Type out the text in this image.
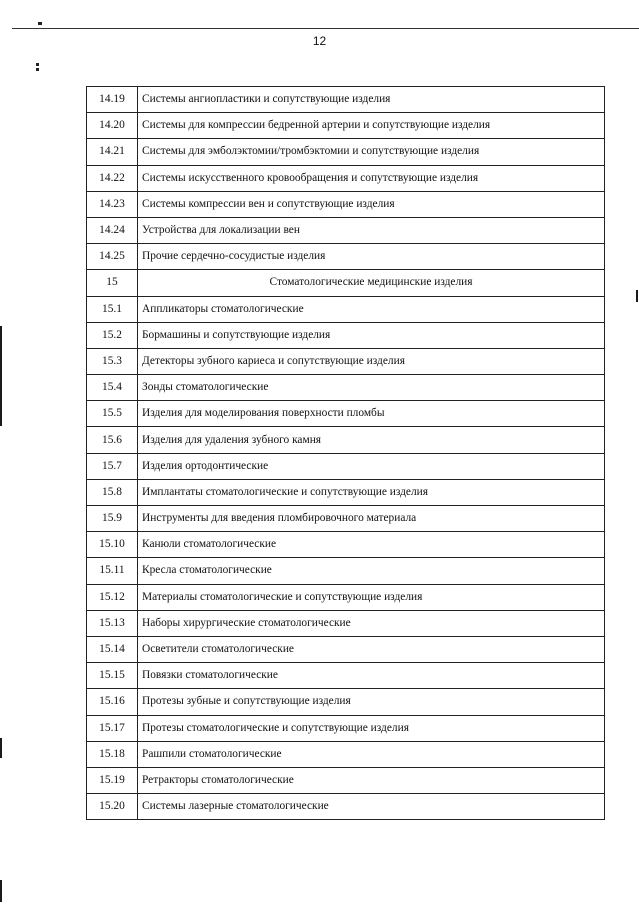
12
14.19	Системы ангиопластики и сопутствующие изделия
14.20	Системы для компрессии бедренной артерии и сопутствующие изделия
14.21	Системы для эмболэктомии/тромбэктомии и сопутствующие изделия
14.22	Системы искусственного кровообращения и сопутствующие изделия
14.23	Системы компрессии вен и сопутствующие изделия
14.24	Устройства для локализации вен
14.25	Прочие сердечно-сосудистые изделия
15	Стоматологические медицинские изделия
15.1	Аппликаторы стоматологические
15.2	Бормашины и сопутствующие изделия
15.3	Детекторы зубного кариеса и сопутствующие изделия
15.4	Зонды стоматологические
15.5	Изделия для моделирования поверхности пломбы
15.6	Изделия для удаления зубного камня
15.7	Изделия ортодонтические
15.8	Имплантаты стоматологические и сопутствующие изделия
15.9	Инструменты для введения пломбировочного материала
15.10	Канюли стоматологические
15.11	Кресла стоматологические
15.12	Материалы стоматологические и сопутствующие изделия
15.13	Наборы хирургические стоматологические
15.14	Осветители стоматологические
15.15	Повязки стоматологические
15.16	Протезы зубные и сопутствующие изделия
15.17	Протезы стоматологические и сопутствующие изделия
15.18	Рашпили стоматологические
15.19	Ретракторы стоматологические
15.20	Системы лазерные стоматологические
